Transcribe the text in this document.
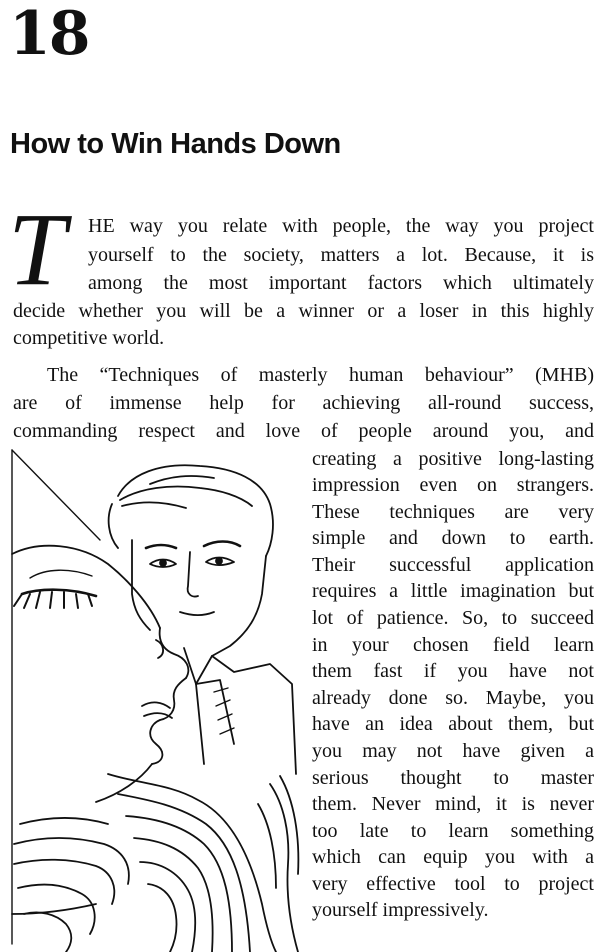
18
How to Win Hands Down
T HE way you relate with people, the way you project
yourself to the society, matters a lot. Because, it is
among the most important factors which ultimately
decide whether you will be a winner or a loser in this highly
competitive world.
The “Techniques of masterly human behaviour” (MHB)
are of immense help for achieving all-round success,
commanding respect and love of people around you, and
creating a positive long-lasting
impression even on strangers.
These techniques are very
simple and down to earth.
Their successful application
requires a little imagination but
lot of patience. So, to succeed
in your chosen field learn
them fast if you have not
already done so. Maybe, you
have an idea about them, but
you may not have given a
serious thought to master
them. Never mind, it is never
too late to learn something
which can equip you with a
very effective tool to project
yourself impressively.
